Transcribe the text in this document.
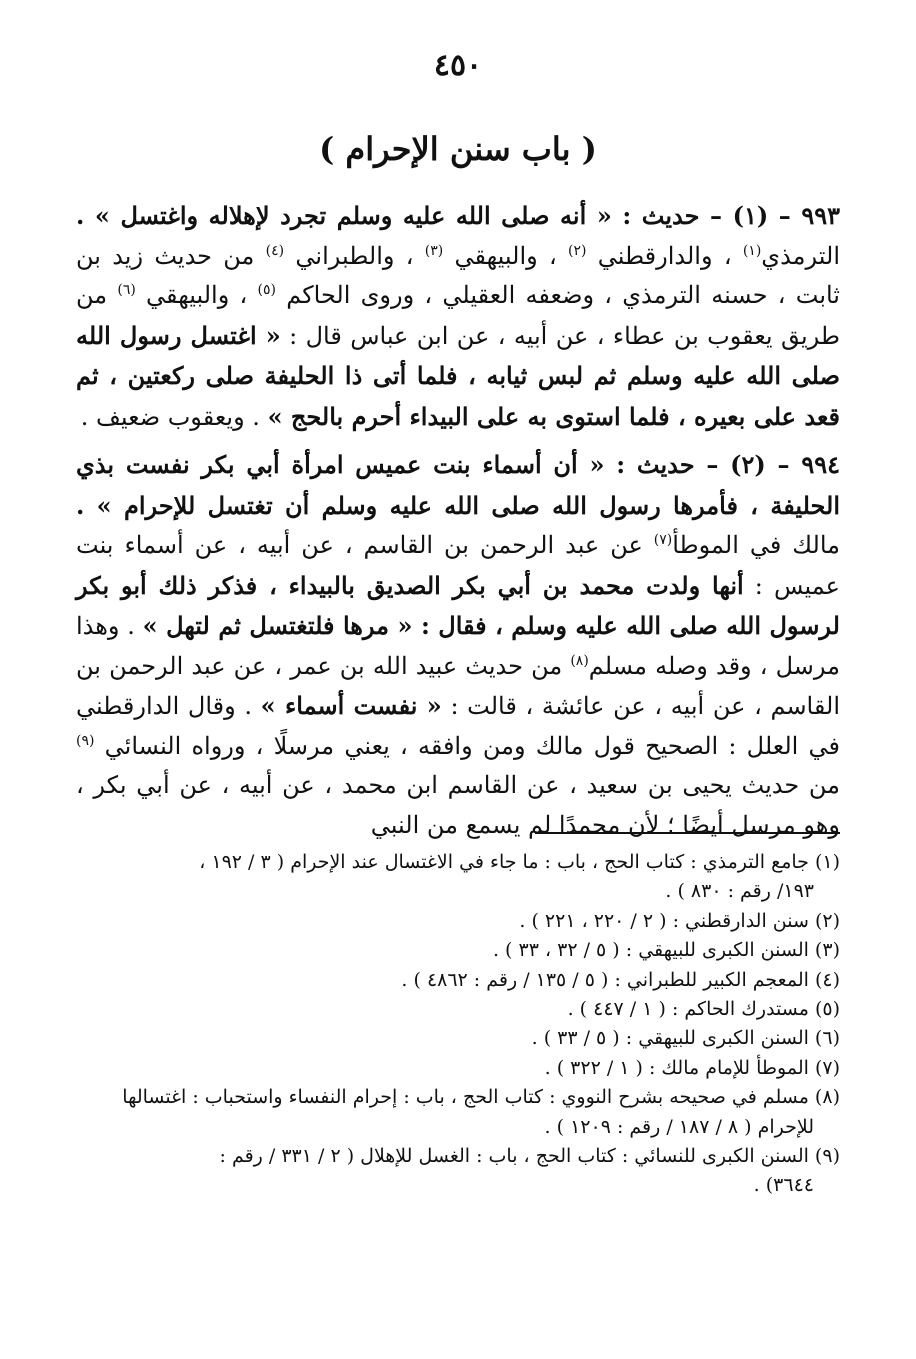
٤٥٠
( باب سنن الإحرام )

٩٩٣ – (١) – حديث : « أنه صلى الله عليه وسلم تجرد لإهلاله واغتسل » . الترمذي$^{(١)}$ ، والدارقطني $^{(٢)}$ ، والبيهقي $^{(٣)}$ ، والطبراني $^{(٤)}$ من حديث زيد بن ثابت ، حسنه الترمذي ، وضعفه العقيلي ، وروى الحاكم $^{(٥)}$ ، والبيهقي $^{(٦)}$ من طريق يعقوب بن عطاء ، عن أبيه ، عن ابن عباس قال : « اغتسل رسول الله صلى الله عليه وسلم ثم لبس ثيابه ، فلما أتى ذا الحليفة صلى ركعتين ، ثم قعد على بعيره ، فلما استوى به على البيداء أحرم بالحج » . ويعقوب ضعيف .

٩٩٤ – (٢) – حديث : « أن أسماء بنت عميس امرأة أبي بكر نفست بذي الحليفة ، فأمرها رسول الله صلى الله عليه وسلم أن تغتسل للإحرام » . مالك في الموطأ$^{(٧)}$ عن عبد الرحمن بن القاسم ، عن أبيه ، عن أسماء بنت عميس : أنها ولدت محمد بن أبي بكر الصديق بالبيداء ، فذكر ذلك أبو بكر لرسول الله صلى الله عليه وسلم ، فقال : « مرها فلتغتسل ثم لتهل » . وهذا مرسل ، وقد وصله مسلم$^{(٨)}$ من حديث عبيد الله بن عمر ، عن عبد الرحمن بن القاسم ، عن أبيه ، عن عائشة ، قالت : « نفست أسماء » . وقال الدارقطني في العلل : الصحيح قول مالك ومن وافقه ، يعني مرسلًا ، ورواه النسائي $^{(٩)}$ من حديث يحيى بن سعيد ، عن القاسم ابن محمد ، عن أبيه ، عن أبي بكر ، وهو مرسل أيضًا ؛ لأن محمدًا لم يسمع من النبي

(١) جامع الترمذي : كتاب الحج ، باب : ما جاء في الاغتسال عند الإحرام ( ٣ / ١٩٢ ،
١٩٣/ رقم : ٨٣٠ ) .

(٢) سنن الدارقطني : ( ٢ / ٢٢٠ ، ٢٢١ ) .

(٣) السنن الكبرى للبيهقي : ( ٥ / ٣٢ ، ٣٣ ) .

(٤) المعجم الكبير للطبراني : ( ٥ / ١٣٥ / رقم : ٤٨٦٢ ) .

(٥) مستدرك الحاكم : ( ١ / ٤٤٧ ) .

(٦) السنن الكبرى للبيهقي : ( ٥ / ٣٣ ) .

(٧) الموطأ للإمام مالك : ( ١ / ٣٢٢ ) .

(٨) مسلم في صحيحه بشرح النووي : كتاب الحج ، باب : إحرام النفساء واستحباب : اغتسالها
للإحرام ( ٨ / ١٨٧ / رقم : ١٢٠٩ ) .

(٩) السنن الكبرى للنسائي : كتاب الحج ، باب : الغسل للإهلال ( ٢ / ٣٣١ / رقم :
٣٦٤٤) .
